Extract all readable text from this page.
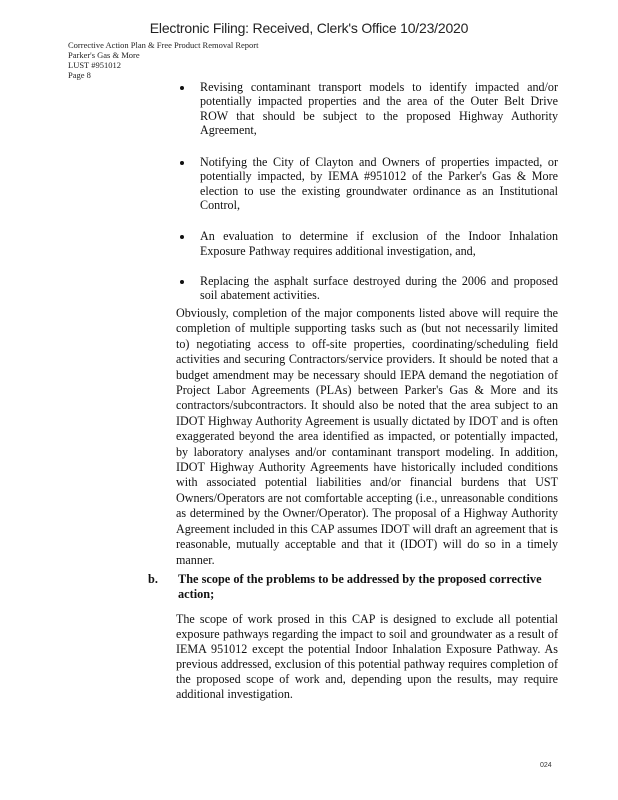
Electronic Filing: Received, Clerk's Office 10/23/2020
Corrective Action Plan & Free Product Removal Report
Parker's Gas & More
LUST #951012
Page 8
Revising contaminant transport models to identify impacted and/or potentially impacted properties and the area of the Outer Belt Drive ROW that should be subject to the proposed Highway Authority Agreement,
Notifying the City of Clayton and Owners of properties impacted, or potentially impacted, by IEMA #951012 of the Parker's Gas & More election to use the existing groundwater ordinance as an Institutional Control,
An evaluation to determine if exclusion of the Indoor Inhalation Exposure Pathway requires additional investigation, and,
Replacing the asphalt surface destroyed during the 2006 and proposed soil abatement activities.

Obviously, completion of the major components listed above will require the completion of multiple supporting tasks such as (but not necessarily limited to) negotiating access to off-site properties, coordinating/scheduling field activities and securing Contractors/service providers. It should be noted that a budget amendment may be necessary should IEPA demand the negotiation of Project Labor Agreements (PLAs) between Parker's Gas & More and its contractors/subcontractors. It should also be noted that the area subject to an IDOT Highway Authority Agreement is usually dictated by IDOT and is often exaggerated beyond the area identified as impacted, or potentially impacted, by laboratory analyses and/or contaminant transport modeling. In addition, IDOT Highway Authority Agreements have historically included conditions with associated potential liabilities and/or financial burdens that UST Owners/Operators are not comfortable accepting (i.e., unreasonable conditions as determined by the Owner/Operator). The proposal of a Highway Authority Agreement included in this CAP assumes IDOT will draft an agreement that is reasonable, mutually acceptable and that it (IDOT) will do so in a timely manner.

b. The scope of the problems to be addressed by the proposed corrective action;

The scope of work prosed in this CAP is designed to exclude all potential exposure pathways regarding the impact to soil and groundwater as a result of IEMA 951012 except the potential Indoor Inhalation Exposure Pathway. As previous addressed, exclusion of this potential pathway requires completion of the proposed scope of work and, depending upon the results, may require additional investigation.

024
